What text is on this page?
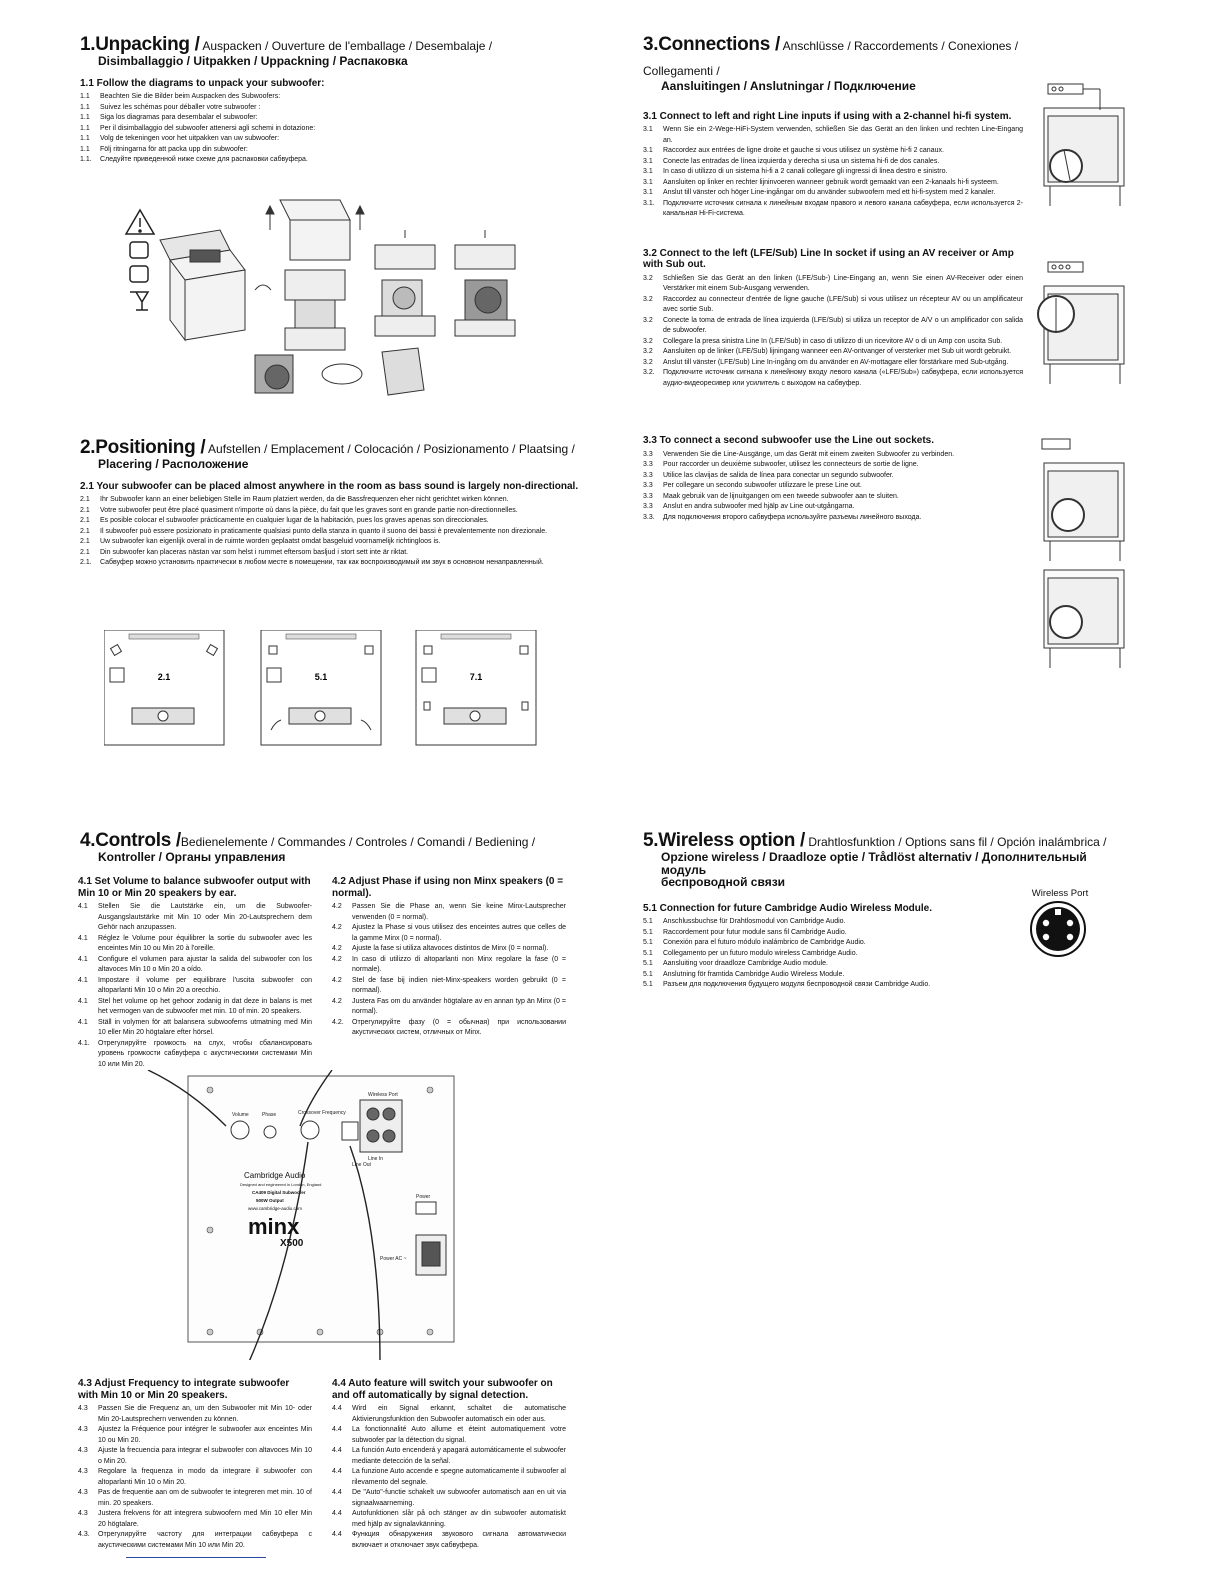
1.Unpacking / Auspacken / Ouverture de l'emballage / Desembalaje /
Disimballaggio / Uitpakken / Uppackning / Распаковка
1.1 Follow the diagrams to unpack your subwoofer:
1.1	Beachten Sie die Bilder beim Auspacken des Subwoofers:
1.1	Suivez les schémas pour déballer votre subwoofer :
1.1	Siga los diagramas para desembalar el subwoofer:
1.1	Per il disimballaggio del subwoofer attenersi agli schemi in dotazione:
1.1	Volg de tekeningen voor het uitpakken van uw subwoofer:
1.1	Följ ritningarna för att packa upp din subwoofer:
1.1.	Следуйте приведенной ниже схеме для распаковки сабвуфера.
2.Positioning / Aufstellen / Emplacement / Colocación / Posizionamento / Plaatsing /
Placering / Расположение
2.1 Your subwoofer can be placed almost anywhere in the room as bass sound is largely non-directional.
2.1	Ihr Subwoofer kann an einer beliebigen Stelle im Raum platziert werden, da die Bassfrequenzen eher nicht gerichtet wirken können.
2.1	Votre subwoofer peut être placé quasiment n'importe où dans la pièce, du fait que les graves sont en grande partie non-directionnelles.
2.1	Es posible colocar el subwoofer prácticamente en cualquier lugar de la habitación, pues los graves apenas son direccionales.
2.1	Il subwoofer può essere posizionato in praticamente qualsiasi punto della stanza in quanto il suono dei bassi è prevalentemente non direzionale.
2.1	Uw subwoofer kan eigenlijk overal in de ruimte worden geplaatst omdat basgeluid voornamelijk richtingloos is.
2.1	Din subwoofer kan placeras nästan var som helst i rummet eftersom basljud i stort sett inte är riktat.
2.1.	Сабвуфер можно установить практически в любом месте в помещении, так как воспроизводимый им звук в основном ненаправленный.
2.1	5.1	7.1
3.Connections / Anschlüsse / Raccordements / Conexiones / Collegamenti /
Aansluitingen / Anslutningar / Подключение
3.1 Connect to left and right Line inputs if using with a 2-channel hi-fi system.
3.1	Wenn Sie ein 2-Wege-HiFi-System verwenden, schließen Sie das Gerät an den linken und rechten Line-Eingang an.
3.1	Raccordez aux entrées de ligne droite et gauche si vous utilisez un système hi-fi 2 canaux.
3.1	Conecte las entradas de línea izquierda y derecha si usa un sistema hi-fi de dos canales.
3.1	In caso di utilizzo di un sistema hi-fi a 2 canali collegare gli ingressi di linea destro e sinistro.
3.1	Aansluiten op linker en rechter lijninvoeren wanneer gebruik wordt gemaakt van een 2-kanaals hi-fi systeem.
3.1	Anslut till vänster och höger Line-ingångar om du använder subwoofern med ett hi-fi-system med 2 kanaler.
3.1.	Подключите источник сигнала к линейным входам правого и левого канала сабвуфера, если используется 2-канальная Hi-Fi-система.
3.2 Connect to the left (LFE/Sub) Line In socket if using an AV receiver or Amp with Sub out.
3.2	Schließen Sie das Gerät an den linken (LFE/Sub-) Line-Eingang an, wenn Sie einen AV-Receiver oder einen Verstärker mit einem Sub-Ausgang verwenden.
3.2	Raccordez au connecteur d'entrée de ligne gauche (LFE/Sub) si vous utilisez un récepteur AV ou un amplificateur avec sortie Sub.
3.2	Conecte la toma de entrada de línea izquierda (LFE/Sub) si utiliza un receptor de A/V o un amplificador con salida de subwoofer.
3.2	Collegare la presa sinistra Line In (LFE/Sub) in caso di utilizzo di un ricevitore AV o di un Amp con uscita Sub.
3.2	Aansluiten op de linker (LFE/Sub) lijningang wanneer een AV-ontvanger of versterker met Sub uit wordt gebruikt.
3.2	Anslut till vänster (LFE/Sub) Line In-ingång om du använder en AV-mottagare eller förstärkare med Sub-utgång.
3.2.	Подключите источник сигнала к линейному входу левого канала («LFE/Sub») сабвуфера, если используется аудио-видеоресивер или усилитель с выходом на сабвуфер.
3.3 To connect a second subwoofer use the Line out sockets.
3.3	Verwenden Sie die Line-Ausgänge, um das Gerät mit einem zweiten Subwoofer zu verbinden.
3.3	Pour raccorder un deuxième subwoofer, utilisez les connecteurs de sortie de ligne.
3.3	Utilice las clavijas de salida de línea para conectar un segundo subwoofer.
3.3	Per collegare un secondo subwoofer utilizzare le prese Line out.
3.3	Maak gebruik van de lijnuitgangen om een tweede subwoofer aan te sluiten.
3.3	Anslut en andra subwoofer med hjälp av Line out-utgångarna.
3.3.	Для подключения второго сабвуфера используйте разъемы линейного выхода.
4.Controls /Bedienelemente / Commandes / Controles / Comandi / Bediening /
Kontroller / Органы управления
4.1 Set Volume to balance subwoofer output with Min 10 or Min 20 speakers by ear.
4.1	Stellen Sie die Lautstärke ein, um die Subwoofer-Ausgangslautstärke mit Min 10 oder Min 20-Lautsprechern dem Gehör nach anzupassen.
4.1	Réglez le Volume pour équilibrer la sortie du subwoofer avec les enceintes Min 10 ou Min 20 à l'oreille.
4.1	Configure el volumen para ajustar la salida del subwoofer con los altavoces Min 10 o Min 20 a oído.
4.1	Impostare il volume per equilibrare l'uscita subwoofer con altoparlanti Min 10 o Min 20 a orecchio.
4.1	Stel het volume op het gehoor zodanig in dat deze in balans is met het vermogen van de subwoofer met min. 10 of min. 20 speakers.
4.1	Ställ in volymen för att balansera subwooferns utmatning med Min 10 eller Min 20 högtalare efter hörsel.
4.1.	Отрегулируйте громкость на слух, чтобы сбалансировать уровень громкости сабвуфера с акустическими системами Min 10 или Min 20.
4.2 Adjust Phase if using non Minx speakers (0 = normal).
4.2	Passen Sie die Phase an, wenn Sie keine Minx-Lautsprecher verwenden (0 = normal).
4.2	Ajustez la Phase si vous utilisez des enceintes autres que celles de la gamme Minx (0 = normal).
4.2	Ajuste la fase si utiliza altavoces distintos de Minx (0 = normal).
4.2	In caso di utilizzo di altoparlanti non Minx regolare la fase (0 = normale).
4.2	Stel de fase bij indien niet-Minx-speakers worden gebruikt (0 = normaal).
4.2	Justera Fas om du använder högtalare av en annan typ än Minx (0 = normal).
4.2.	Отрегулируйте фазу (0 = обычная) при использовании акустических систем, отличных от Minx.
Volume	Phase	Crossover Frequency
Line In
Wireless Port
Power
Power AC ~
Line Out
Cambridge Audio
Designed and engineered in London, England
CA409 Digital Subwoofer
500W Output
www.cambridge-audio.com
minx
X500
4.3 Adjust Frequency to integrate subwoofer with Min 10 or Min 20 speakers.
4.3	Passen Sie die Frequenz an, um den Subwoofer mit Min 10- oder Min 20-Lautsprechern verwenden zu können.
4.3	Ajustez la Fréquence pour intégrer le subwoofer aux enceintes Min 10 ou Min 20.
4.3	Ajuste la frecuencia para integrar el subwoofer con altavoces Min 10 o Min 20.
4.3	Regolare la frequenza in modo da integrare il subwoofer con altoparlanti Min 10 o Min 20.
4.3	Pas de frequentie aan om de subwoofer te integreren met min. 10 of min. 20 speakers.
4.3	Justera frekvens för att integrera subwoofern med Min 10 eller Min 20 högtalare.
4.3.	Отрегулируйте частоту для интеграции сабвуфера с акустическими системами Min 10 или Min 20.
4.4 Auto feature will switch your subwoofer on and off automatically by signal detection.
4.4	Wird ein Signal erkannt, schaltet die automatische Aktivierungsfunktion den Subwoofer automatisch ein oder aus.
4.4	La fonctionnalité Auto allume et éteint automatiquement votre subwoofer par la détection du signal.
4.4	La función Auto encenderá y apagará automáticamente el subwoofer mediante detección de la señal.
4.4	La funzione Auto accende e spegne automaticamente il subwoofer al rilevamento del segnale.
4.4	De "Auto"-functie schakelt uw subwoofer automatisch aan en uit via signaalwaarneming.
4.4	Autofunktionen slår på och stänger av din subwoofer automatiskt med hjälp av signalavkänning.
4.4	Функция обнаружения звукового сигнала автоматически включает и отключает звук сабвуфера.
5.Wireless option / Drahtlosfunktion / Options sans fil / Opción inalámbrica /
Opzione wireless / Draadloze optie / Trådlöst alternativ / Дополнительный модуль
беспроводной связи
5.1 Connection for future Cambridge Audio Wireless Module.
5.1	Anschlussbuchse für Drahtlosmodul von Cambridge Audio.
5.1	Raccordement pour futur module sans fil Cambridge Audio.
5.1	Conexión para el futuro módulo inalámbrico de Cambridge Audio.
5.1	Collegamento per un futuro modulo wireless Cambridge Audio.
5.1	Aansluiting voor draadloze Cambridge Audio module.
5.1	Anslutning för framtida Cambridge Audio Wireless Module.
5.1	Разъем для подключения будущего модуля беспроводной связи Cambridge Audio.
Wireless Port
